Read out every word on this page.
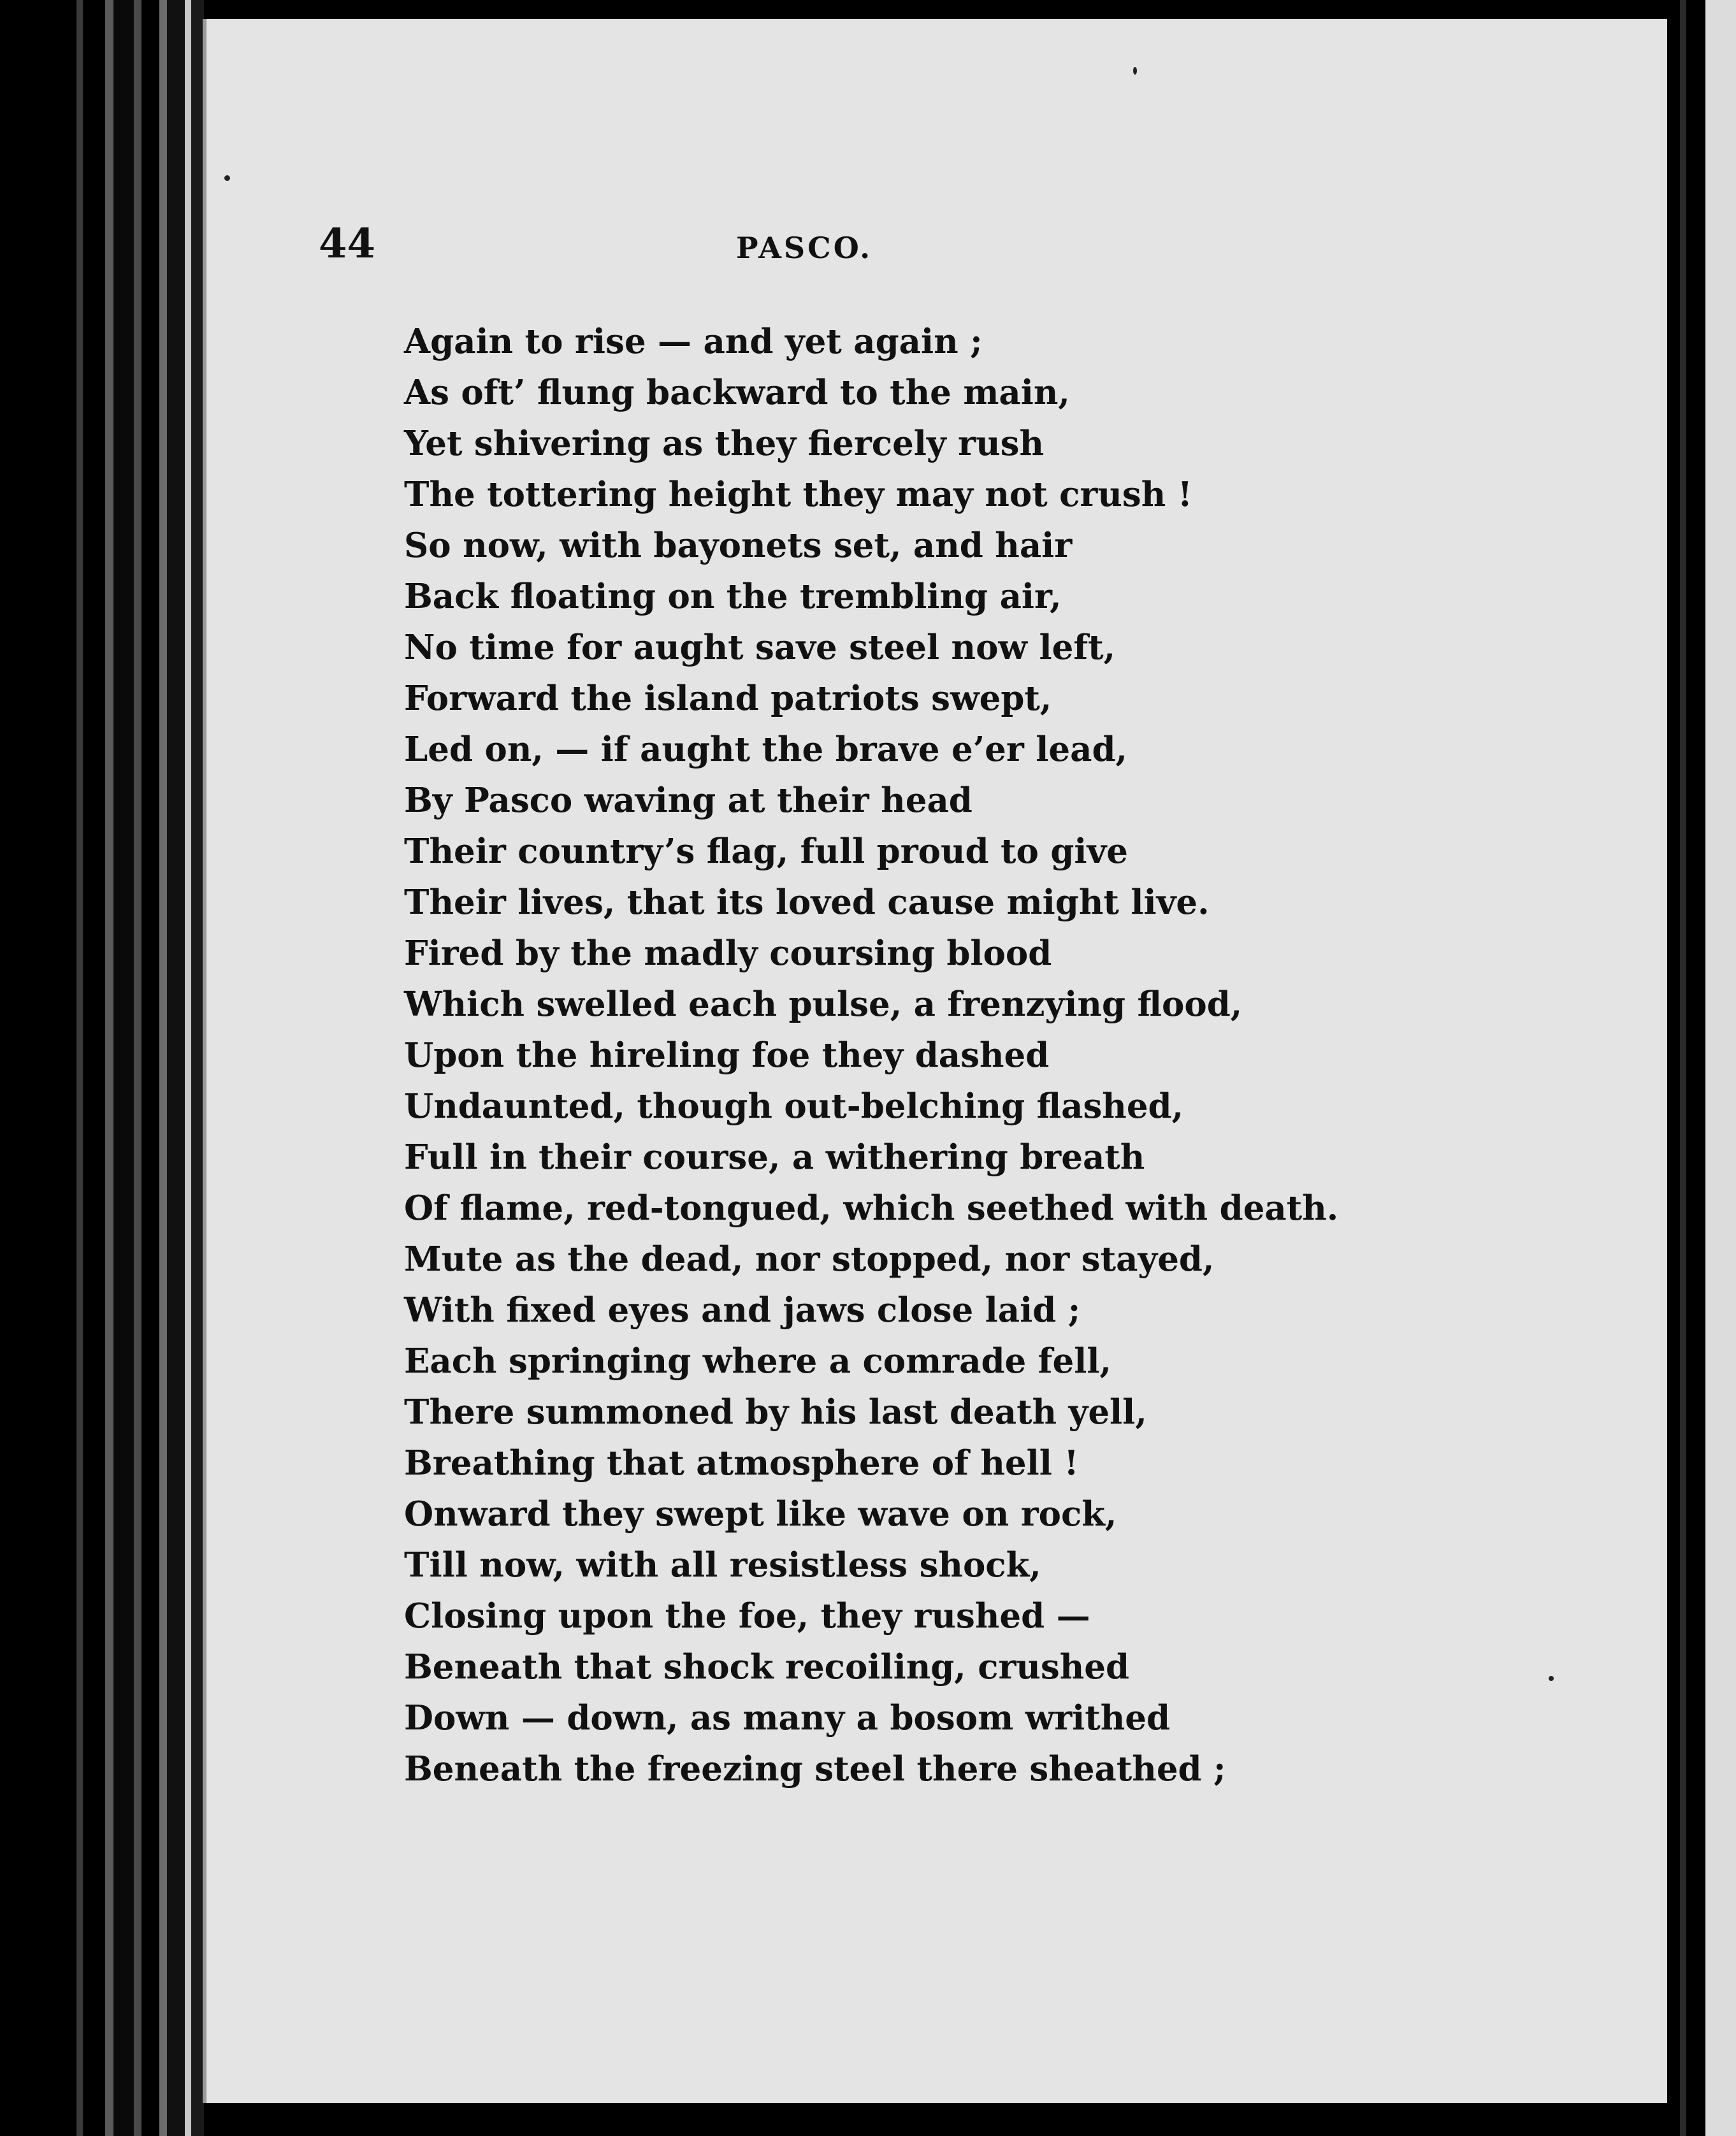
44	PASCO.

Again to rise — and yet again ;
As oft’ flung backward to the main,
Yet shivering as they fiercely rush
The tottering height they may not crush !
So now, with bayonets set, and hair
Back floating on the trembling air,
No time for aught save steel now left,
Forward the island patriots swept,
Led on, — if aught the brave e’er lead,
By Pasco waving at their head
Their country’s flag, full proud to give
Their lives, that its loved cause might live.
Fired by the madly coursing blood
Which swelled each pulse, a frenzying flood,
Upon the hireling foe they dashed
Undaunted, though out-belching flashed,
Full in their course, a withering breath
Of flame, red-tongued, which seethed with death.
Mute as the dead, nor stopped, nor stayed,
With fixed eyes and jaws close laid ;
Each springing where a comrade fell,
There summoned by his last death yell,
Breathing that atmosphere of hell !
Onward they swept like wave on rock,
Till now, with all resistless shock,
Closing upon the foe, they rushed —
Beneath that shock recoiling, crushed
Down — down, as many a bosom writhed
Beneath the freezing steel there sheathed ;
